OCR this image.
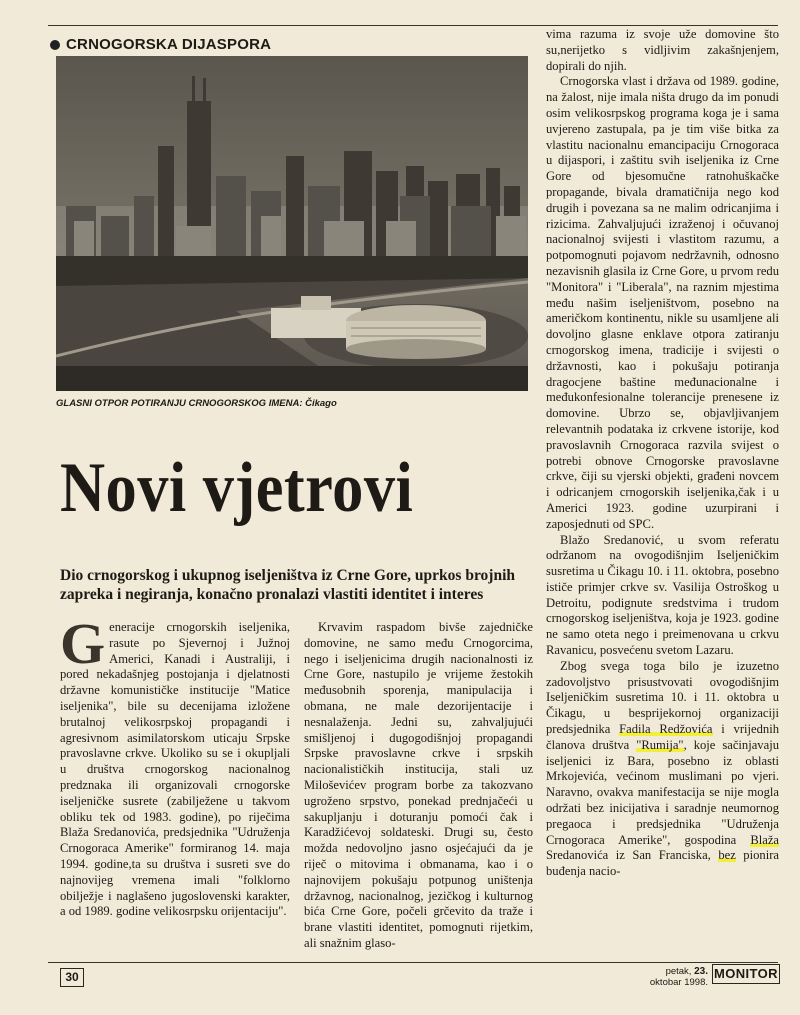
CRNOGORSKA DIJASPORA
GLASNI OTPOR POTIRANJU CRNOGORSKOG IMENA: Čikago
Novi vjetrovi
Dio crnogorskog i ukupnog iseljeništva iz Crne Gore, uprkos brojnih zapreka i negiranja, konačno pronalazi vlastiti identitet i interes

Generacije crnogorskih iseljenika, rasute po Sjevernoj i Južnoj Americi, Kanadi i Australiji, i pored nekadašnjeg postojanja i djelatnosti državne komunističke institucije "Matice iseljenika", bile su decenijama izložene brutalnoj velikosrpskoj propagandi i agresivnom asimilatorskom uticaju Srpske pravoslavne crkve. Ukoliko su se i okupljali u društva crnogorskog nacionalnog predznaka ili organizovali crnogorske iseljeničke susrete (zabilježene u takvom obliku tek od 1983. godine), po riječima Blaža Sredanovića, predsjednika "Udruženja Crnogoraca Amerike" formiranog 14. maja 1994. godine,ta su društva i susreti sve do najnovijeg vremena imali "folklorno obilježje i naglašeno jugoslovenski karakter, a od 1989. godine velikosrpsku orijentaciju".

Krvavim raspadom bivše zajedničke domovine, ne samo među Crnogorcima, nego i iseljenicima drugih nacionalnosti iz Crne Gore, nastupilo je vrijeme žestokih međusobnih sporenja, manipulacija i obmana, ne male dezorijentacije i nesnalaženja. Jedni su, zahvaljujući smišljenoj i dugogodišnjoj propagandi Srpske pravoslavne crkve i srpskih nacionalističkih institucija, stali uz Miloševićev program borbe za takozvano ugroženo srpstvo, ponekad prednjačeći u sakupljanju i doturanju pomoći čak i Karadžićevoj soldateski. Drugi su, često možda nedovoljno jasno osjećajući da je riječ o mitovima i obmanama, kao i o najnovijem pokušaju potpunog uništenja državnog, nacionalnog, jezičkog i kulturnog bića Crne Gore, počeli grčevito da traže i brane vlastiti identitet, pomognuti rijetkim, ali snažnim glaso-

vima razuma iz svoje uže domovine što su,nerijetko s vidljivim zakašnjenjem, dopirali do njih.

Crnogorska vlast i država od 1989. godine, na žalost, nije imala ništa drugo da im ponudi osim velikosrpskog programa koga je i sama uvjereno zastupala, pa je tim više bitka za vlastitu nacionalnu emancipaciju Crnogoraca u dijaspori, i zaštitu svih iseljenika iz Crne Gore od bjesomučne ratnohuškačke propagande, bivala dramatičnija nego kod drugih i povezana sa ne malim odricanjima i rizicima. Zahvaljujući izraženoj i očuvanoj nacionalnoj svijesti i vlastitom razumu, a potpomognuti pojavom nedržavnih, odnosno nezavisnih glasila iz Crne Gore, u prvom redu "Monitora" i "Liberala", na raznim mjestima među našim iseljeništvom, posebno na američkom kontinentu, nikle su usamljene ali dovoljno glasne enklave otpora zatiranju crnogorskog imena, tradicije i svijesti o državnosti, kao i pokušaju potiranja dragocjene baštine međunacionalne i međukonfesionalne tolerancije prenesene iz domovine. Ubrzo se, objavljivanjem relevantnih podataka iz crkvene istorije, kod pravoslavnih Crnogoraca razvila svijest o potrebi obnove Crnogorske pravoslavne crkve, čiji su vjerski objekti, građeni novcem i odricanjem crnogorskih iseljenika,čak i u Americi 1923. godine uzurpirani i zaposjednuti od SPC.

Blažo Sredanović, u svom referatu održanom na ovogodišnjim Iseljeničkim susretima u Čikagu 10. i 11. oktobra, posebno ističe primjer crkve sv. Vasilija Ostroškog u Detroitu, podignute sredstvima i trudom crnogorskog iseljeništva, koja je 1923. godine ne samo oteta nego i preimenovana u crkvu Ravanicu, posvećenu svetom Lazaru.

Zbog svega toga bilo je izuzetno zadovoljstvo prisustvovati ovogodišnjim Iseljeničkim susretima 10. i 11. oktobra u Čikagu, u besprijekornoj organizaciji predsjednika Fadila Redžovića i vrijednih članova društva "Rumija", koje sačinjavaju iseljenici iz Bara, posebno iz oblasti Mrkojevića, većinom muslimani po vjeri. Naravno, ovakva manifestacija se nije mogla održati bez inicijativa i saradnje neumornog pregaoca i predsjednika "Udruženja Crnogoraca Amerike", gospodina Blaža Sredanovića iz San Franciska, bez pionira buđenja nacio-

30	petak, 23.
oktobar 1998.
MONITOR
